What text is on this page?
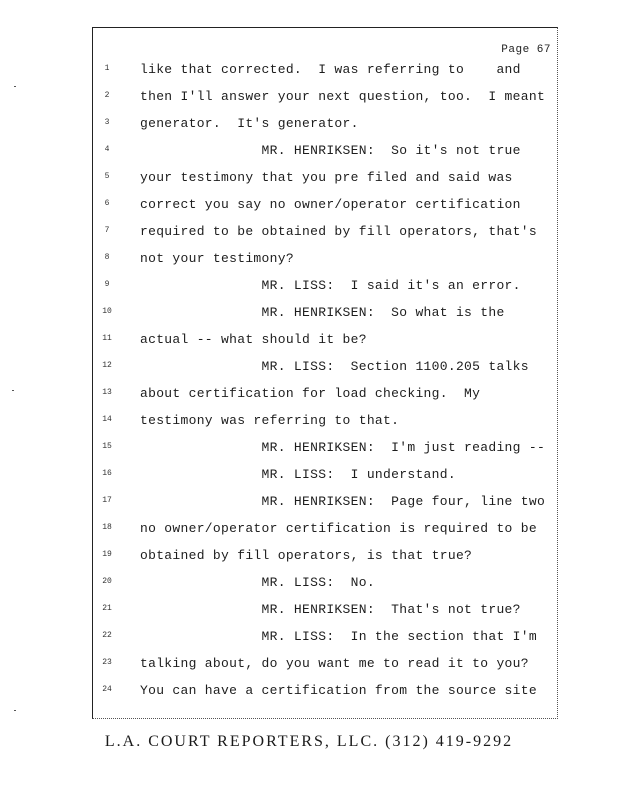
Page 67
1	like that corrected.  I was referring to    and
2	then I'll answer your next question, too.  I meant
3	generator.  It's generator.
4	MR. HENRIKSEN:  So it's not true
5	your testimony that you pre filed and said was
6	correct you say no owner/operator certification
7	required to be obtained by fill operators, that's
8	not your testimony?
9	MR. LISS:  I said it's an error.
10	MR. HENRIKSEN:  So what is the
11	actual -- what should it be?
12	MR. LISS:  Section 1100.205 talks
13	about certification for load checking.  My
14	testimony was referring to that.
15	MR. HENRIKSEN:  I'm just reading --
16	MR. LISS:  I understand.
17	MR. HENRIKSEN:  Page four, line two
18	no owner/operator certification is required to be
19	obtained by fill operators, is that true?
20	MR. LISS:  No.
21	MR. HENRIKSEN:  That's not true?
22	MR. LISS:  In the section that I'm
23	talking about, do you want me to read it to you?
24	You can have a certification from the source site
L.A. COURT REPORTERS, LLC. (312) 419-9292
